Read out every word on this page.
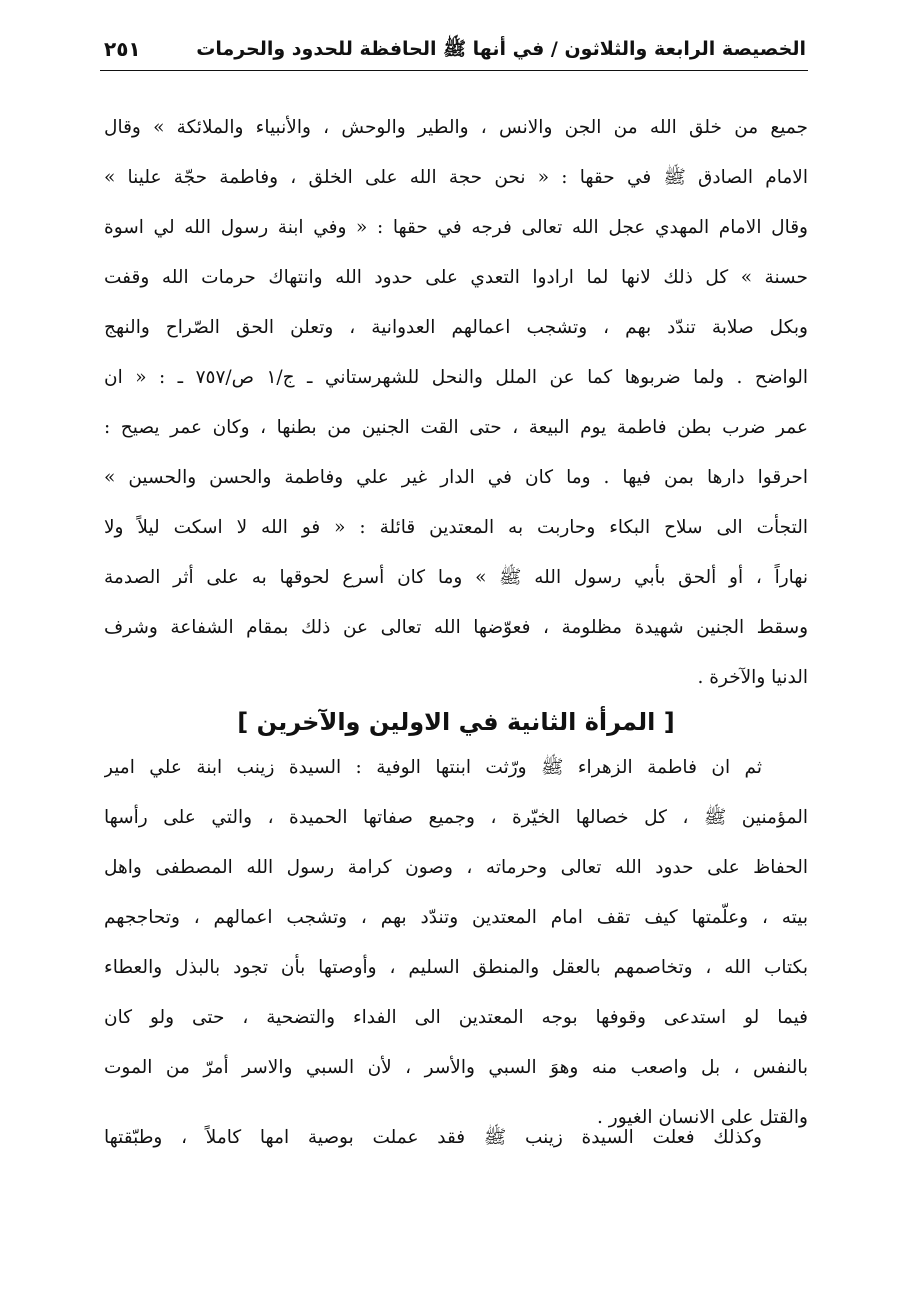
الخصيصة الرابعة والثلاثون / في أنها ﷺ الحافظة للحدود والحرمات
٢٥١
جميع من خلق الله من الجن والانس ، والطير والوحش ، والأنبياء والملائكة » وقال
الامام الصادق ﷺ في حقها : « نحن حجة الله على الخلق ، وفاطمة حجّة علينا »
وقال الامام المهدي عجل الله تعالى فرجه في حقها : « وفي ابنة رسول الله لي اسوة
حسنة » كل ذلك لانها لما ارادوا التعدي على حدود الله وانتهاك حرمات الله وقفت
وبكل صلابة تندّد بهم ، وتشجب اعمالهم العدوانية ، وتعلن الحق الصّراح والنهج
الواضح . ولما ضربوها كما عن الملل والنحل للشهرستاني ـ ج/١ ص/٧٥٧ ـ : « ان
عمر ضرب بطن فاطمة يوم البيعة ، حتى القت الجنين من بطنها ، وكان عمر يصيح :
احرقوا دارها بمن فيها . وما كان في الدار غير علي وفاطمة والحسن والحسين »
التجأت الى سلاح البكاء وحاربت به المعتدين قائلة : « فو الله لا اسكت ليلاً ولا
نهاراً ، أو ألحق بأبي رسول الله ﷺ » وما كان أسرع لحوقها به على أثر الصدمة
وسقط الجنين شهيدة مظلومة ، فعوّضها الله تعالى عن ذلك بمقام الشفاعة وشرف
الدنيا والآخرة .
[ المرأة الثانية في الاولين والآخرين ]
ثم ان فاطمة الزهراء ﷺ ورّثت ابنتها الوفية : السيدة زينب ابنة علي امير
المؤمنين ﷺ ، كل خصالها الخيّرة ، وجميع صفاتها الحميدة ، والتي على رأسها
الحفاظ على حدود الله تعالى وحرماته ، وصون كرامة رسول الله المصطفى واهل
بيته ، وعلّمتها كيف تقف امام المعتدين وتندّد بهم ، وتشجب اعمالهم ، وتحاججهم
بكتاب الله ، وتخاصمهم بالعقل والمنطق السليم ، وأوصتها بأن تجود بالبذل والعطاء
فيما لو استدعى وقوفها بوجه المعتدين الى الفداء والتضحية ، حتى ولو كان
بالنفس ، بل واصعب منه وهوَ السبي والأسر ، لأن السبي والاسر أمرّ من الموت
والقتل على الانسان الغيور .
وكذلك فعلت السيدة زينب ﷺ فقد عملت بوصية امها كاملاً ، وطبّقتها
